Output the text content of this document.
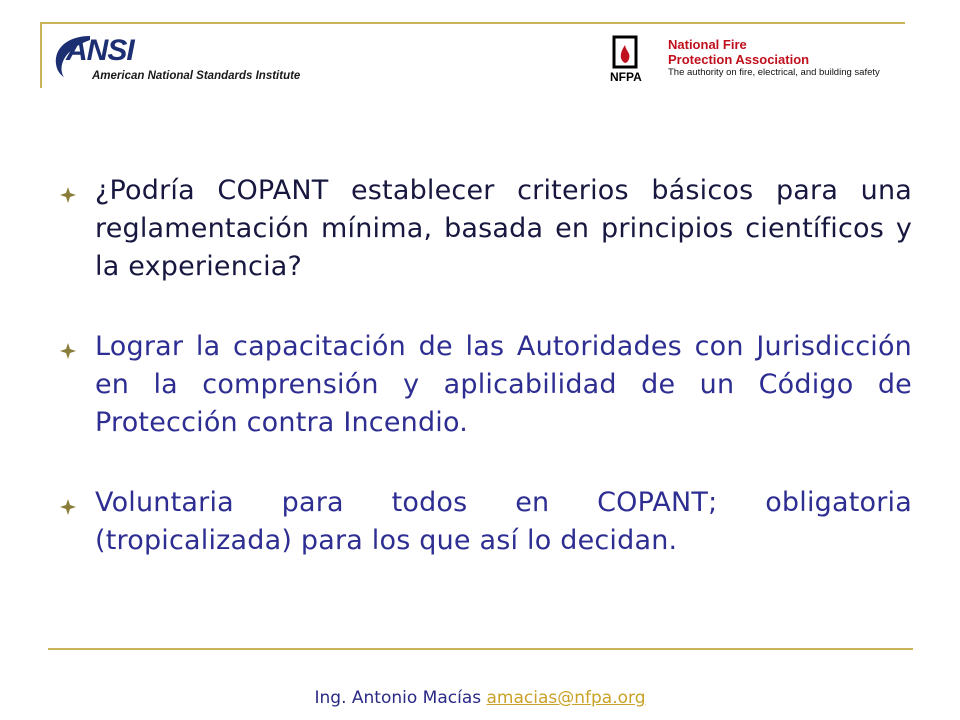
ANSI
American National Standards Institute	NFPA
National Fire
Protection Association
The authority on fire, electrical, and building safety
¿Podría COPANT establecer criterios básicos para una reglamentación mínima, basada en principios científicos y la experiencia?
Lograr la capacitación de las Autoridades con Jurisdicción en la comprensión y aplicabilidad de un Código de Protección contra Incendio.
Voluntaria para todos en COPANT; obligatoria (tropicalizada) para los que así lo decidan.
Ing. Antonio Macías amacias@nfpa.org
